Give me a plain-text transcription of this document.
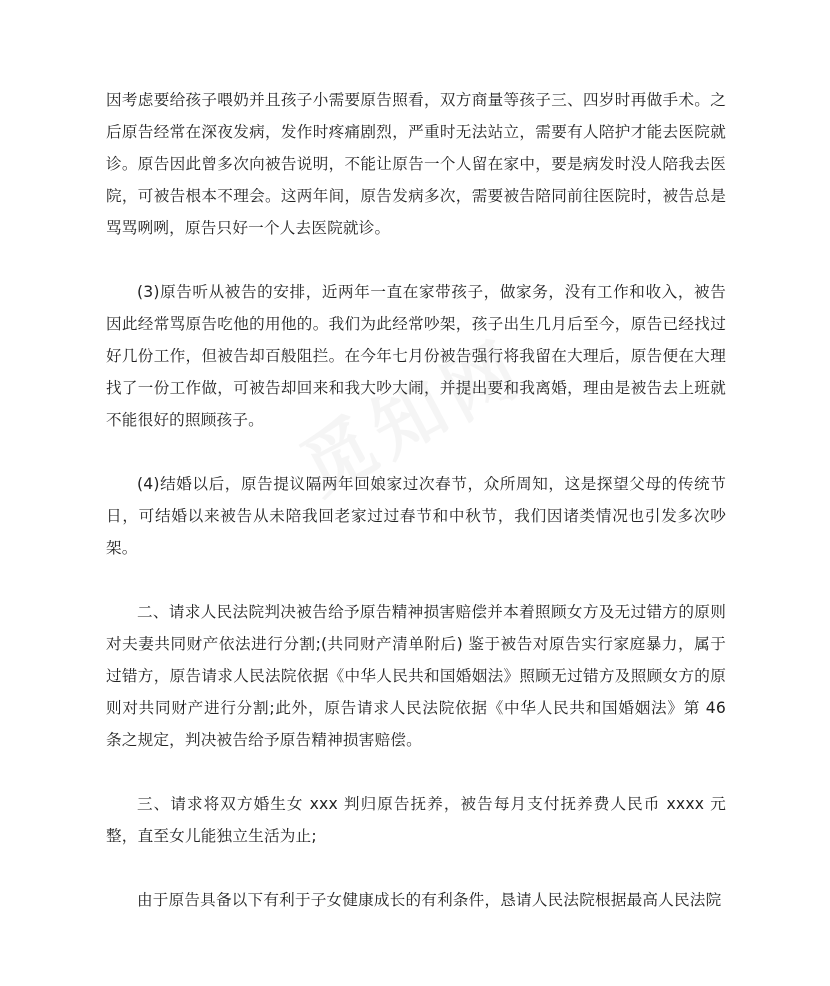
因考虑要给孩子喂奶并且孩子小需要原告照看，双方商量等孩子三、四岁时再做手术。之后原告经常在深夜发病，发作时疼痛剧烈，严重时无法站立，需要有人陪护才能去医院就诊。原告因此曾多次向被告说明，不能让原告一个人留在家中，要是病发时没人陪我去医院，可被告根本不理会。这两年间，原告发病多次，需要被告陪同前往医院时，被告总是骂骂咧咧，原告只好一个人去医院就诊。

(3)原告听从被告的安排，近两年一直在家带孩子，做家务，没有工作和收入，被告因此经常骂原告吃他的用他的。我们为此经常吵架，孩子出生几月后至今，原告已经找过好几份工作，但被告却百般阻拦。在今年七月份被告强行将我留在大理后，原告便在大理找了一份工作做，可被告却回来和我大吵大闹，并提出要和我离婚，理由是被告去上班就不能很好的照顾孩子。

(4)结婚以后，原告提议隔两年回娘家过次春节，众所周知，这是探望父母的传统节日，可结婚以来被告从未陪我回老家过过春节和中秋节，我们因诸类情况也引发多次吵架。

二、请求人民法院判决被告给予原告精神损害赔偿并本着照顾女方及无过错方的原则对夫妻共同财产依法进行分割;(共同财产清单附后) 鉴于被告对原告实行家庭暴力，属于过错方，原告请求人民法院依据《中华人民共和国婚姻法》照顾无过错方及照顾女方的原则对共同财产进行分割;此外，原告请求人民法院依据《中华人民共和国婚姻法》第 46 条之规定，判决被告给予原告精神损害赔偿。

三、请求将双方婚生女 xxx 判归原告抚养，被告每月支付抚养费人民币 xxxx 元整，直至女儿能独立生活为止;

由于原告具备以下有利于子女健康成长的有利条件，恳请人民法院根据最高人民法院
